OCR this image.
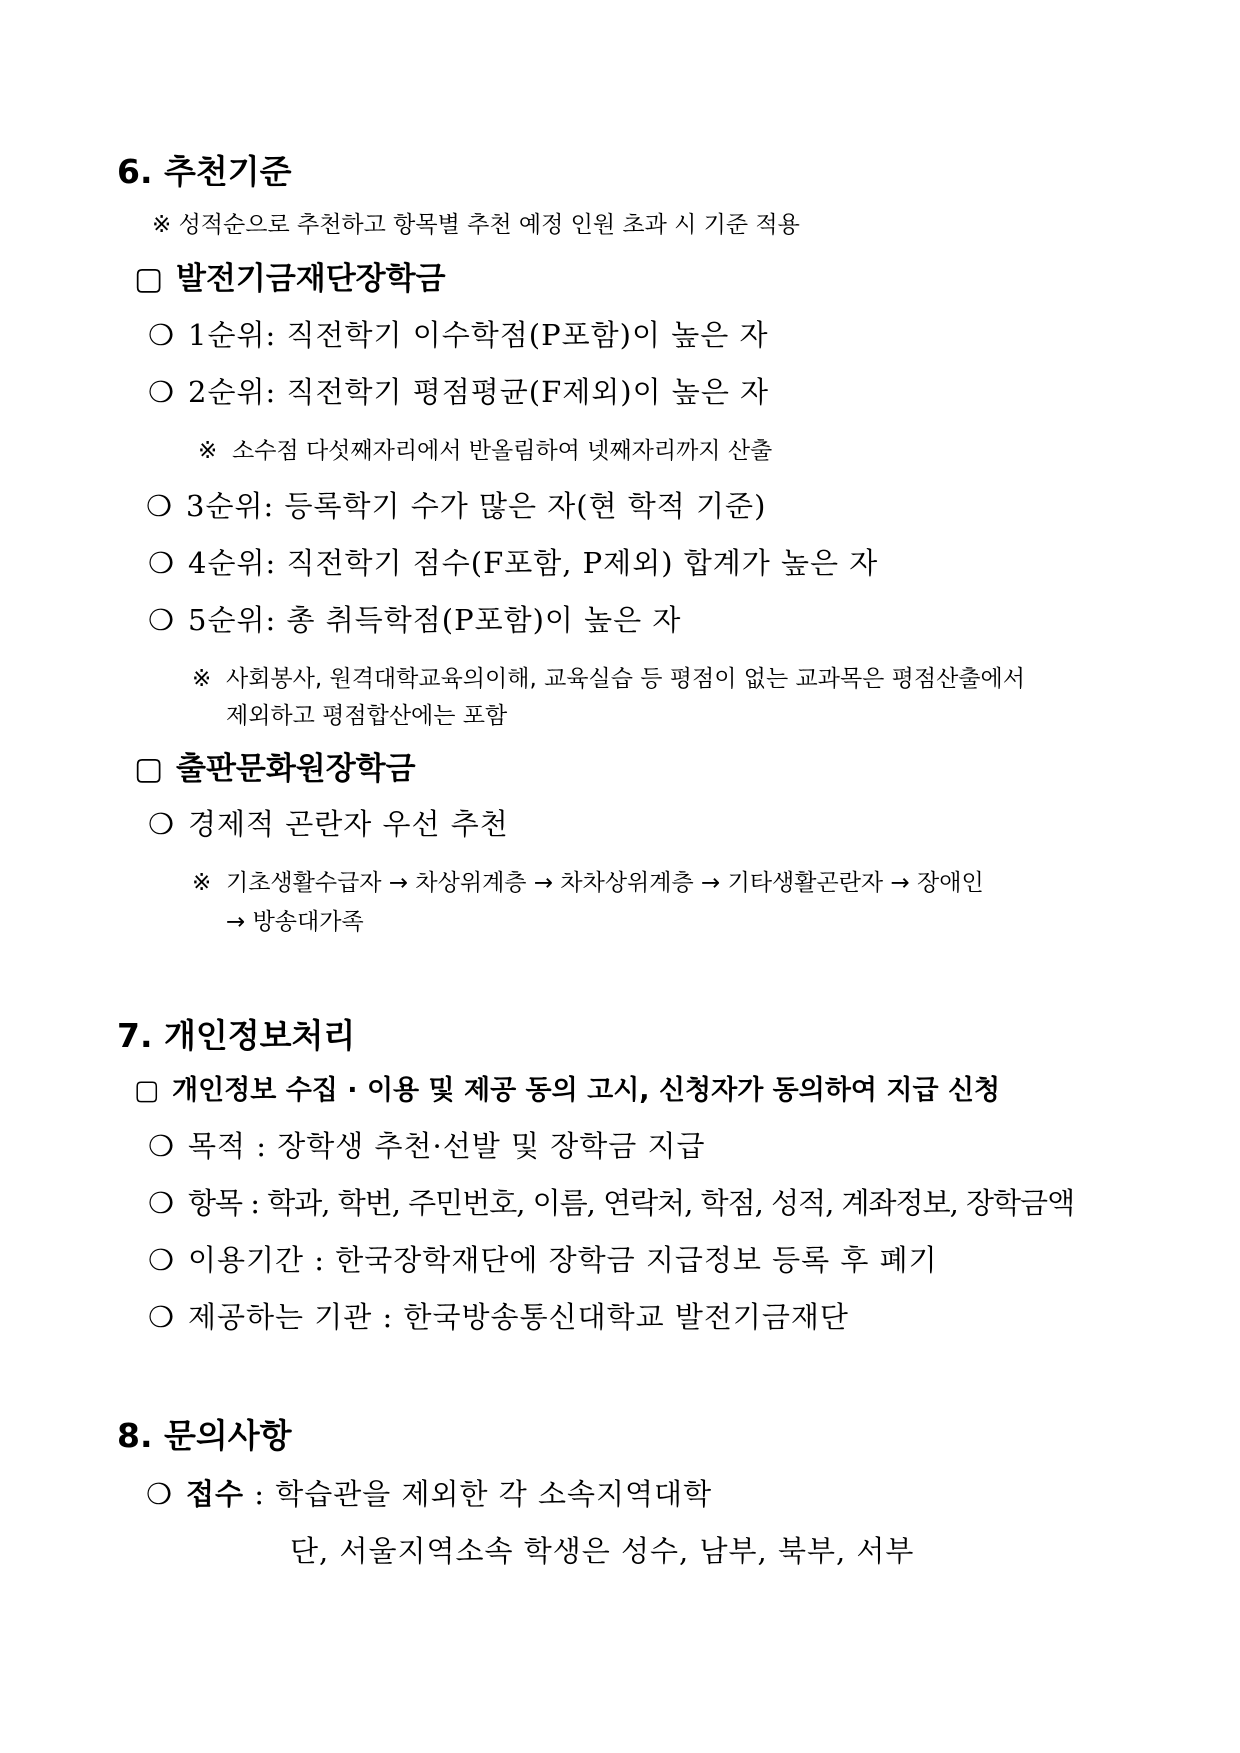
6. 추천기준
※ 성적순으로 추천하고 항목별 추천 예정 인원 초과 시 기준 적용
▢ 발전기금재단장학금
❍ 1순위: 직전학기 이수학점(P포함)이 높은 자
❍ 2순위: 직전학기 평점평균(F제외)이 높은 자
※ 소수점 다섯째자리에서 반올림하여 넷째자리까지 산출
❍ 3순위: 등록학기 수가 많은 자(현 학적 기준)
❍ 4순위: 직전학기 점수(F포함, P제외) 합계가 높은 자
❍ 5순위: 총 취득학점(P포함)이 높은 자
※ 사회봉사, 원격대학교육의이해, 교육실습 등 평점이 없는 교과목은 평점산출에서
제외하고 평점합산에는 포함
▢ 출판문화원장학금
❍ 경제적 곤란자 우선 추천
※ 기초생활수급자 → 차상위계층 → 차차상위계층 → 기타생활곤란자 → 장애인
→ 방송대가족
7. 개인정보처리
▢ 개인정보 수집 · 이용 및 제공 동의 고시, 신청자가 동의하여 지급 신청
❍ 목적 : 장학생 추천·선발 및 장학금 지급
❍ 항목 : 학과, 학번, 주민번호, 이름, 연락처, 학점, 성적, 계좌정보, 장학금액
❍ 이용기간 : 한국장학재단에 장학금 지급정보 등록 후 폐기
❍ 제공하는 기관 : 한국방송통신대학교 발전기금재단
8. 문의사항
❍ 접수 : 학습관을 제외한 각 소속지역대학
단, 서울지역소속 학생은 성수, 남부, 북부, 서부
